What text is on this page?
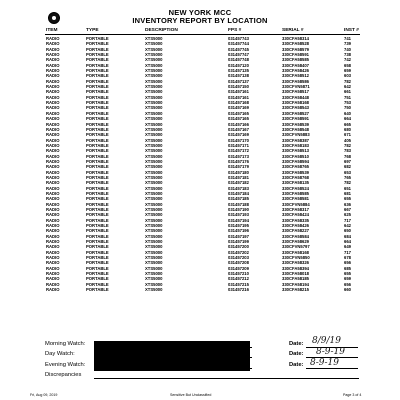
NEW YORK MCC
INVENTORY REPORT BY LOCATION
ITEM	TYPE	DESCRIPTION	FPS #	SERIAL #	INST #
RADIO	PORTABLE	XTS5000	031457743	330CFA58314	741
RADIO	PORTABLE	XTS5000	031457744	330CFA58528	739
RADIO	PORTABLE	XTS5000	031457745	330CFA58579	740
RADIO	PORTABLE	XTS5000	031457747	330CFA58591	738
RADIO	PORTABLE	XTS5000	031457748	330CFA58585	742
RADIO	PORTABLE	XTS5000	031457120	330CFA58407	658
RADIO	PORTABLE	XTS5000	031457135	330CFA58426	659
RADIO	PORTABLE	XTS5000	031457138	330CFA58512	603
RADIO	PORTABLE	XTS5000	031457137	330CFA58586	782
RADIO	PORTABLE	XTS5000	031457150	330CFVN5871	642
RADIO	PORTABLE	XTS5000	031457161	330CFA58517	661
RADIO	PORTABLE	XTS5000	031457161	330CFA58448	751
RADIO	PORTABLE	XTS5000	031457168	330CFA58168	753
RADIO	PORTABLE	XTS5000	031457169	330CFA58543	750
RADIO	PORTABLE	XTS5000	031457165	330CFA58527	640
RADIO	PORTABLE	XTS5000	031457165	330CFA58591	664
RADIO	PORTABLE	XTS5000	031457166	330CFA58539	665
RADIO	PORTABLE	XTS5000	031457167	330CFA58548	680
RADIO	PORTABLE	XTS5000	031457169	330CFVN5883	671
RADIO	PORTABLE	XTS5000	031457170	330CFA58387	405
RADIO	PORTABLE	XTS5000	031457171	330CFA58183	782
RADIO	PORTABLE	XTS5000	031457172	330CFA58513	783
RADIO	PORTABLE	XTS5000	031457173	330CFA58510	768
RADIO	PORTABLE	XTS5000	031457176	330CFA58594	697
RADIO	PORTABLE	XTS5000	031457179	330CFA58765	682
RADIO	PORTABLE	XTS5000	031457180	330CFA58539	653
RADIO	PORTABLE	XTS5000	031457181	330CFA58768	765
RADIO	PORTABLE	XTS5000	031457182	330CFA58135	782
RADIO	PORTABLE	XTS5000	031457183	330CFA58524	651
RADIO	PORTABLE	XTS5000	031457184	330CFA58585	681
RADIO	PORTABLE	XTS5000	031457185	330CFA58581	655
RADIO	PORTABLE	XTS5000	031457188	330CFVN5884	636
RADIO	PORTABLE	XTS5000	031457190	330CFA58317	667
RADIO	PORTABLE	XTS5000	031457193	330CFA58424	625
RADIO	PORTABLE	XTS5000	031457194	330CFA58335	717
RADIO	PORTABLE	XTS5000	031457195	330CFA58426	642
RADIO	PORTABLE	XTS5000	031457196	330CFA58227	650
RADIO	PORTABLE	XTS5000	031457197	330CFA58584	684
RADIO	PORTABLE	XTS5000	031457199	330CFA58629	664
RADIO	PORTABLE	XTS5000	031457200	330CFVN5797	649
RADIO	PORTABLE	XTS5000	031457202	330CFA58168	717
RADIO	PORTABLE	XTS5000	031457203	330CFVN5850	678
RADIO	PORTABLE	XTS5000	031457208	330CFA58326	656
RADIO	PORTABLE	XTS5000	031457209	330CFA58394	685
RADIO	PORTABLE	XTS5000	031457210	330CFA58018	655
RADIO	PORTABLE	XTS5000	031457212	330CFA58185	659
RADIO	PORTABLE	XTS5000	031457215	330CFA58194	656
RADIO	PORTABLE	XTS5000	031457216	330CFA58215	660
Morning Watch:
Day Watch:
Evening Watch:
Discrepancies
Date: 8/9/19
Date: 8-9-19
Date: 8-9-19
Fri, Aug 09, 2019	Sensitive But Unclassified	Page 3 of 4
